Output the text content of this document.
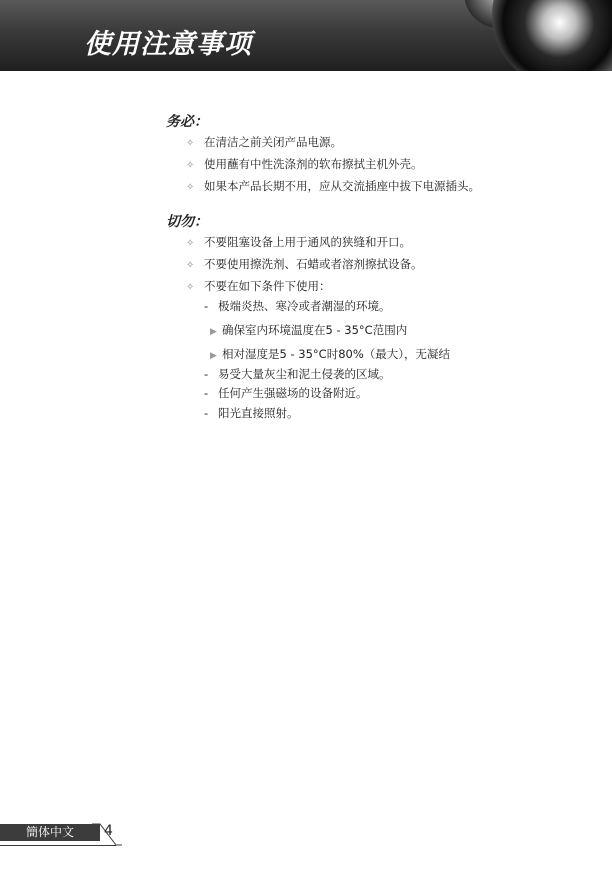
使用注意事项
务必：
✧ 在清洁之前关闭产品电源。
✧ 使用蘸有中性洗涤剂的软布擦拭主机外壳。
✧ 如果本产品长期不用，应从交流插座中拔下电源插头。
切勿：
✧ 不要阻塞设备上用于通风的狭缝和开口。
✧ 不要使用擦洗剂、石蜡或者溶剂擦拭设备。
✧ 不要在如下条件下使用：
- 极端炎热、寒冷或者潮湿的环境。
▶ 确保室内环境温度在5 - 35°C范围内
▶ 相对湿度是5 - 35°C时80%（最大），无凝结
- 易受大量灰尘和泥土侵袭的区域。
- 任何产生强磁场的设备附近。
- 阳光直接照射。
簡体中文 4
